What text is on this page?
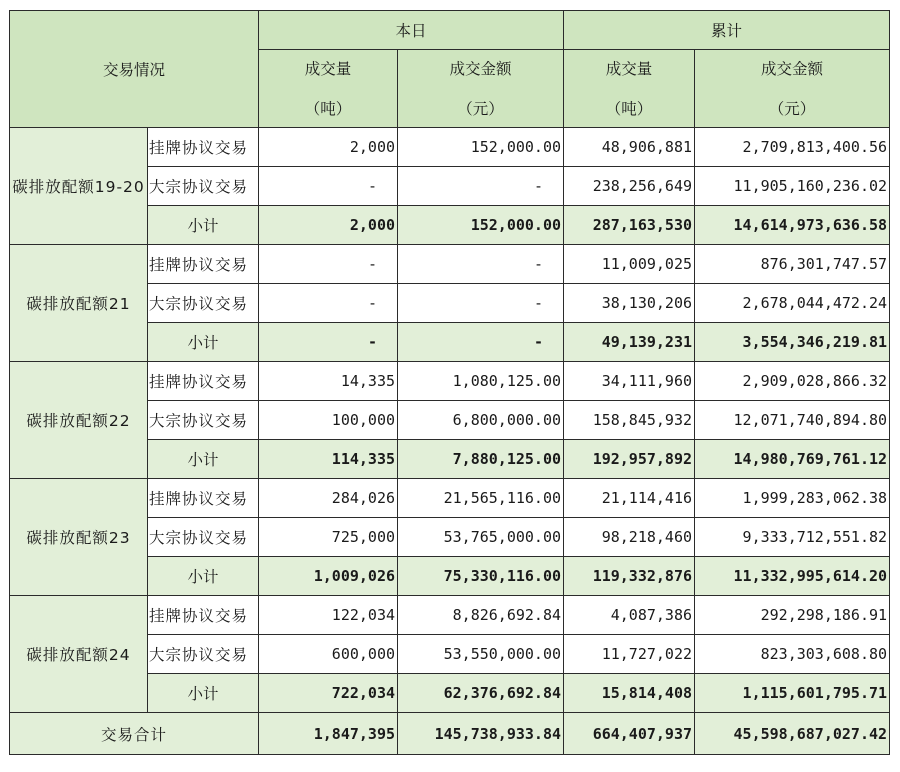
交易情况		本日		累计	
		成交量	成交金额	成交量	成交金额
		（吨）	（元）	（吨）	（元）
碳排放配额19-20	挂牌协议交易	2,000	152,000.00	48,906,881	2,709,813,400.56
	大宗协议交易	-	-	238,256,649	11,905,160,236.02
	小计	2,000	152,000.00	287,163,530	14,614,973,636.58
碳排放配额21	挂牌协议交易	-	-	11,009,025	876,301,747.57
	大宗协议交易	-	-	38,130,206	2,678,044,472.24
	小计	-	-	49,139,231	3,554,346,219.81
碳排放配额22	挂牌协议交易	14,335	1,080,125.00	34,111,960	2,909,028,866.32
	大宗协议交易	100,000	6,800,000.00	158,845,932	12,071,740,894.80
	小计	114,335	7,880,125.00	192,957,892	14,980,769,761.12
碳排放配额23	挂牌协议交易	284,026	21,565,116.00	21,114,416	1,999,283,062.38
	大宗协议交易	725,000	53,765,000.00	98,218,460	9,333,712,551.82
	小计	1,009,026	75,330,116.00	119,332,876	11,332,995,614.20
碳排放配额24	挂牌协议交易	122,034	8,826,692.84	4,087,386	292,298,186.91
	大宗协议交易	600,000	53,550,000.00	11,727,022	823,303,608.80
	小计	722,034	62,376,692.84	15,814,408	1,115,601,795.71
交易合计		1,847,395	145,738,933.84	664,407,937	45,598,687,027.42
